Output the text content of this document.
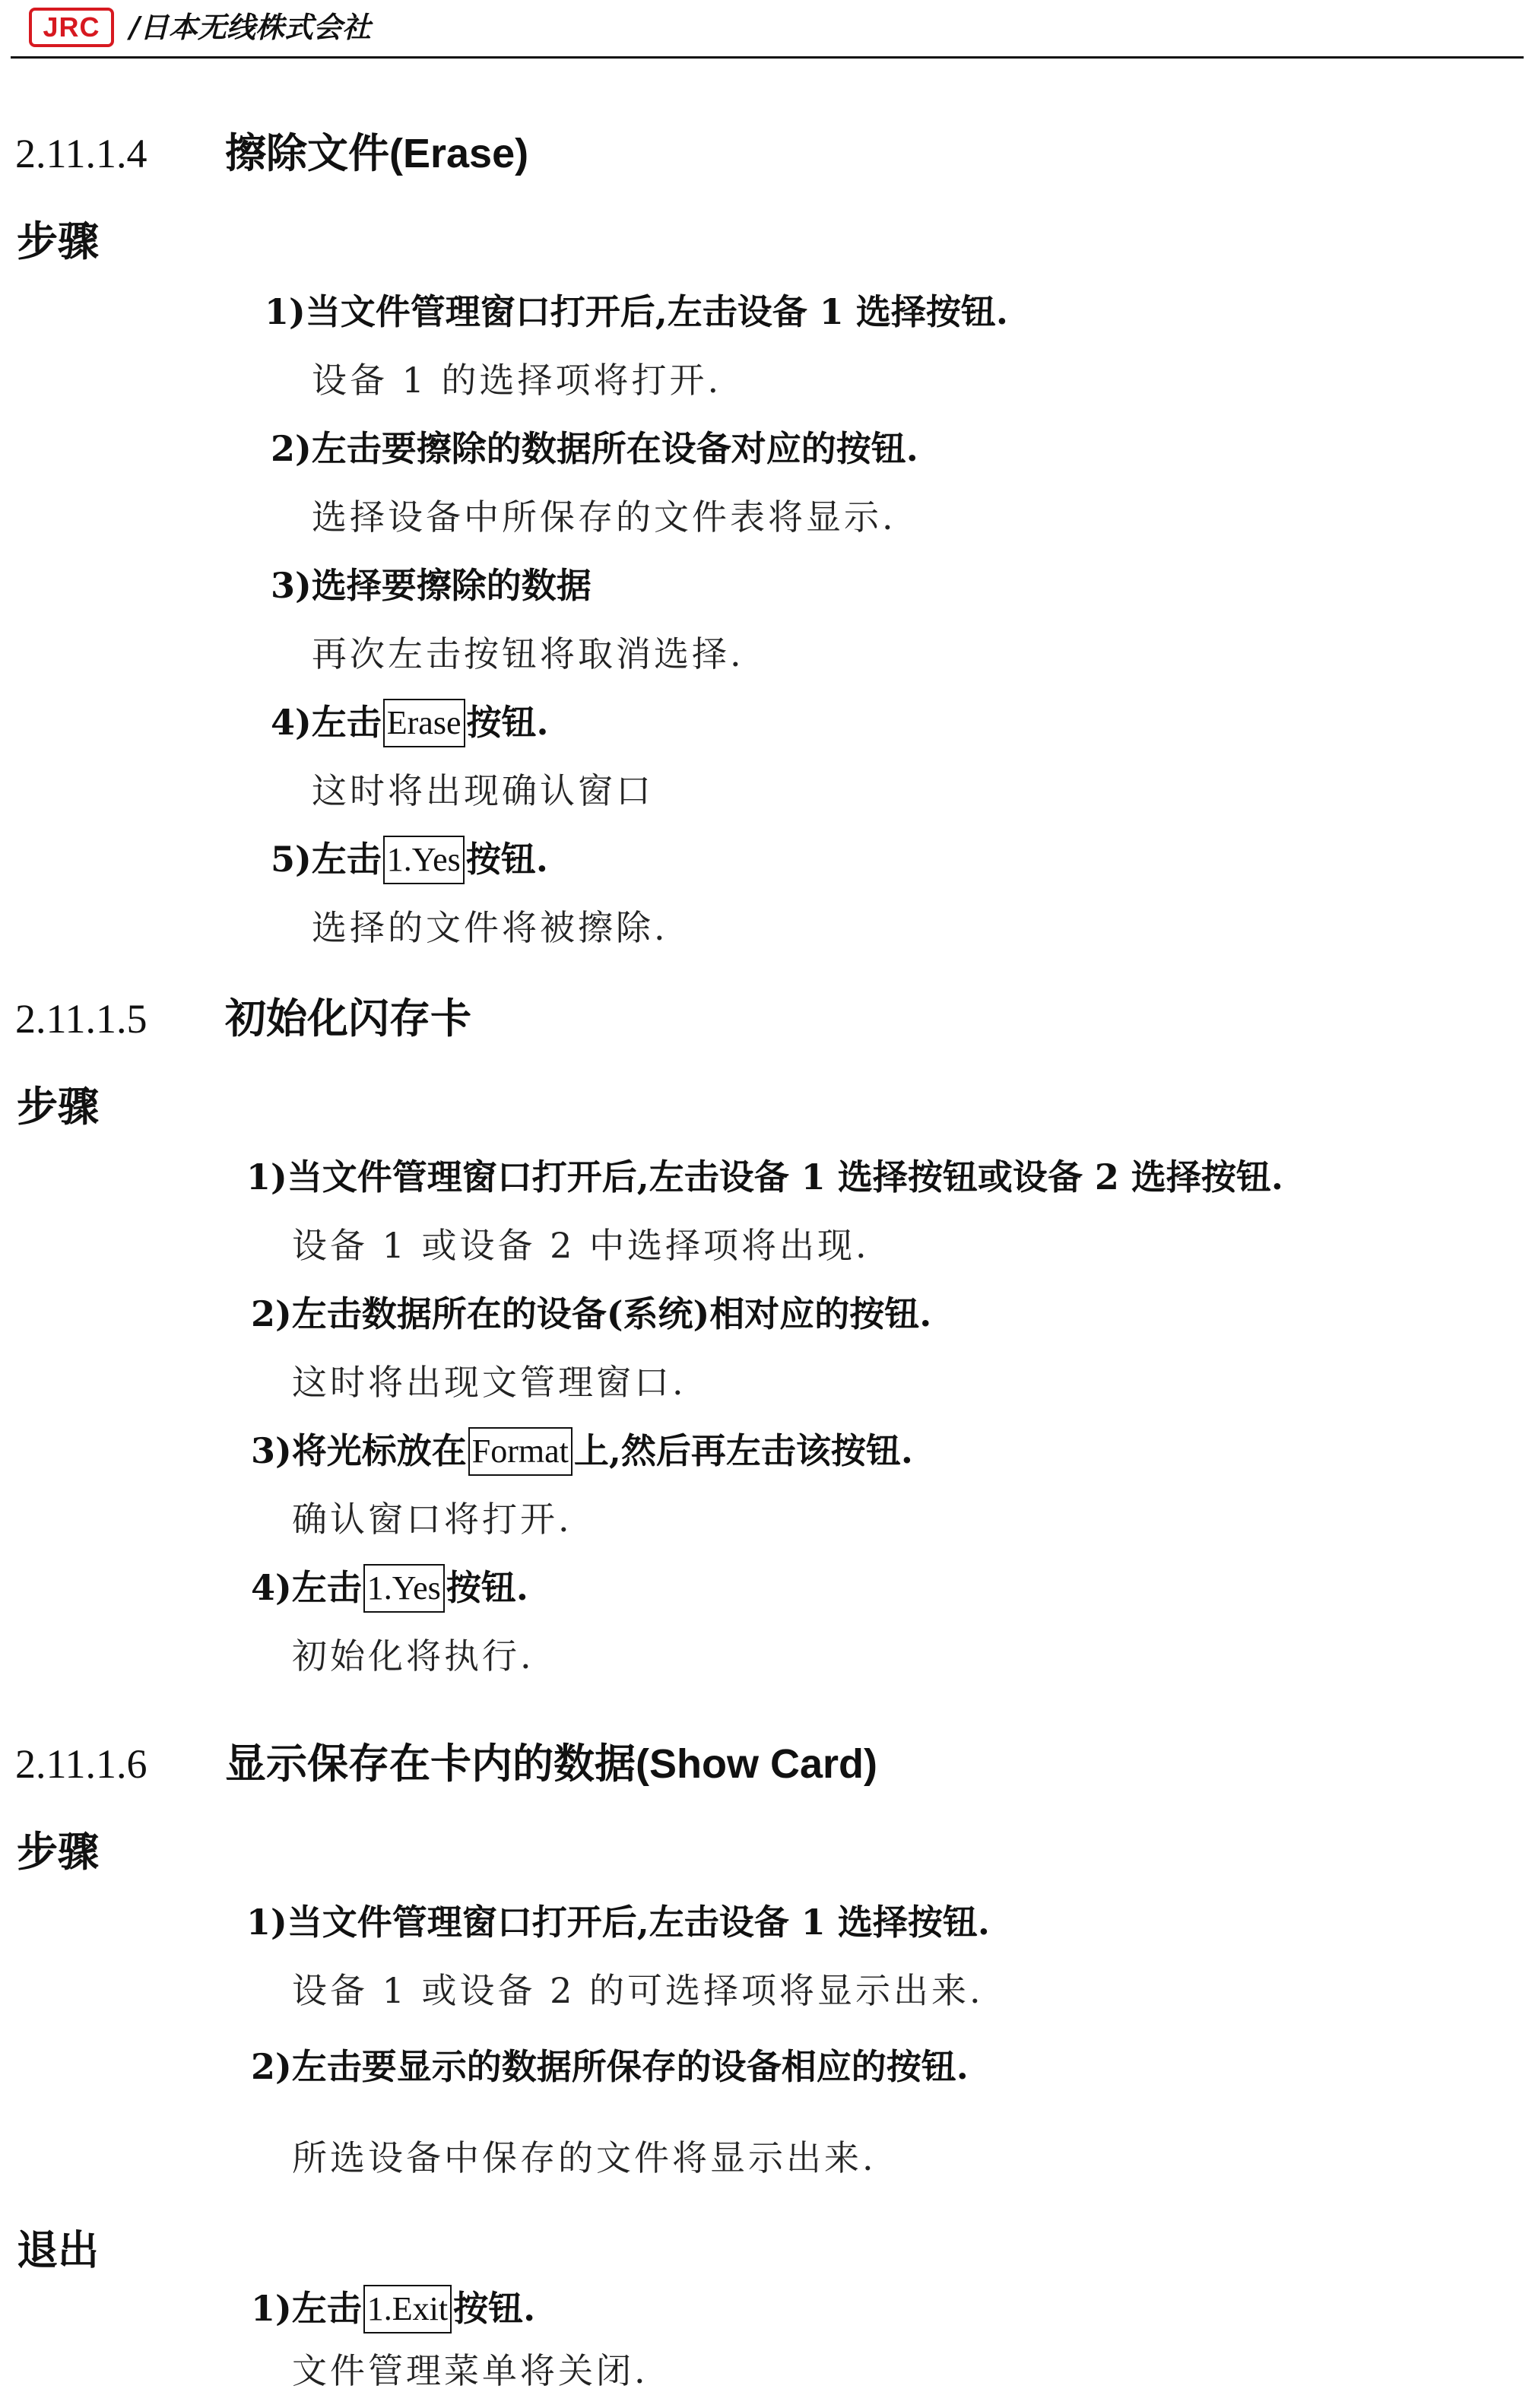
JRC	/日本无线株式会社
2.11.1.4 擦除文件(Erase)
步骤
1)当文件管理窗口打开后,左击设备 1 选择按钮.
设备 1 的选择项将打开.
2)左击要擦除的数据所在设备对应的按钮.
选择设备中所保存的文件表将显示.
3)选择要擦除的数据
再次左击按钮将取消选择.
4)左击 Erase 按钮.
这时将出现确认窗口
5)左击 1.Yes 按钮.
选择的文件将被擦除.
2.11.1.5 初始化闪存卡
步骤
1)当文件管理窗口打开后,左击设备 1 选择按钮或设备 2 选择按钮.
设备 1 或设备 2 中选择项将出现.
2)左击数据所在的设备(系统)相对应的按钮.
这时将出现文管理窗口.
3)将光标放在 Format 上,然后再左击该按钮.
确认窗口将打开.
4)左击 1.Yes 按钮.
初始化将执行.
2.11.1.6 显示保存在卡内的数据(Show Card)
步骤
1)当文件管理窗口打开后,左击设备 1 选择按钮.
设备 1 或设备 2 的可选择项将显示出来.
2)左击要显示的数据所保存的设备相应的按钮.
所选设备中保存的文件将显示出来.
退出
1)左击 1.Exit 按钮.
文件管理菜单将关闭.
